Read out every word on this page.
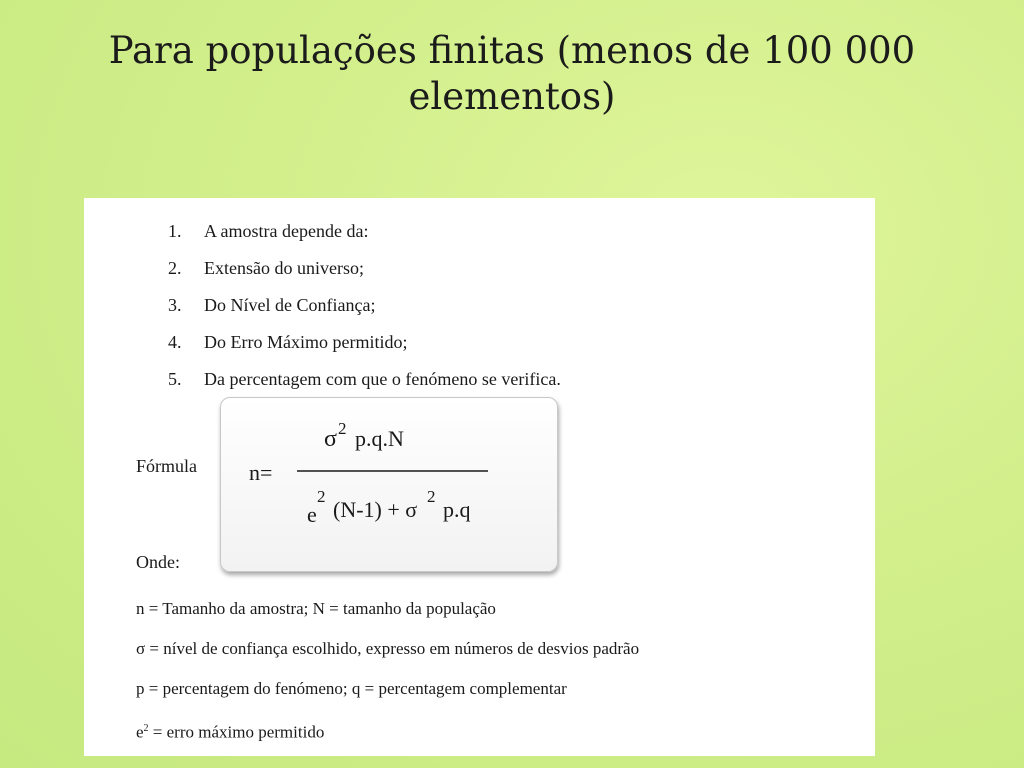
Para populações finitas (menos de 100 000 elementos)
1.	A amostra depende da:
2.	Extensão do universo;
3.	Do Nível de Confiança;
4.	Do Erro Máximo permitido;
5.	Da percentagem com que o fenómeno se verifica.
Fórmula n=
σ 2 p.q.N
e
2
(N-1) + σ
2
p.q
Onde:
n = Tamanho da amostra; N = tamanho da população
σ = nível de confiança escolhido, expresso em números de desvios padrão
p = percentagem do fenómeno; q = percentagem complementar
$e^2$ = erro máximo permitido
